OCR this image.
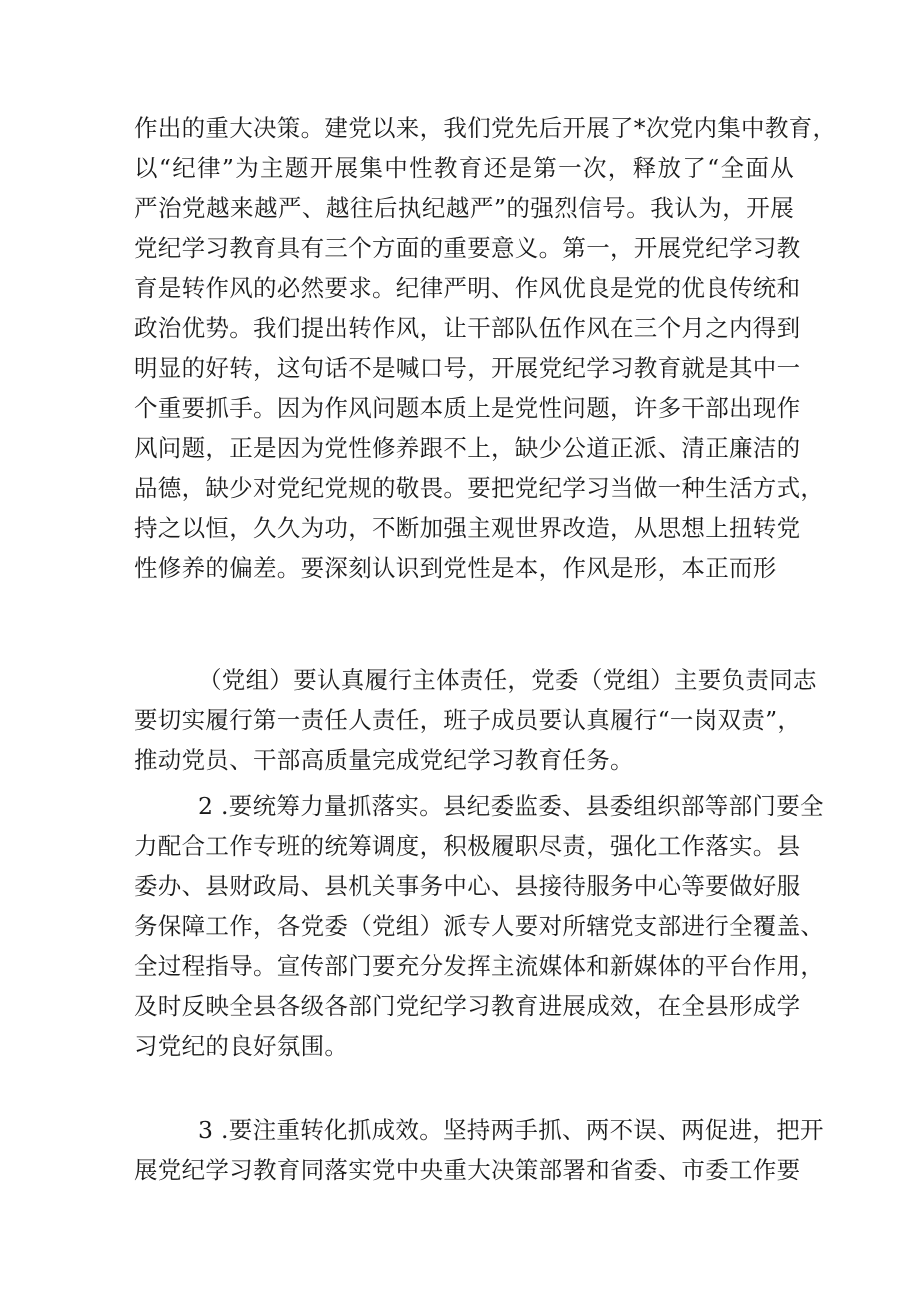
作出的重大决策。建党以来，我们党先后开展了*次党内集中教育，
以“纪律”为主题开展集中性教育还是第一次，释放了“全面从
严治党越来越严、越往后执纪越严”的强烈信号。我认为，开展
党纪学习教育具有三个方面的重要意义。第一，开展党纪学习教
育是转作风的必然要求。纪律严明、作风优良是党的优良传统和
政治优势。我们提出转作风，让干部队伍作风在三个月之内得到
明显的好转，这句话不是喊口号，开展党纪学习教育就是其中一
个重要抓手。因为作风问题本质上是党性问题，许多干部出现作
风问题，正是因为党性修养跟不上，缺少公道正派、清正廉洁的
品德，缺少对党纪党规的敬畏。要把党纪学习当做一种生活方式，
持之以恒，久久为功，不断加强主观世界改造，从思想上扭转党
性修养的偏差。要深刻认识到党性是本，作风是形，本正而形
（党组）要认真履行主体责任，党委（党组）主要负责同志
要切实履行第一责任人责任，班子成员要认真履行“一岗双责”，
推动党员、干部高质量完成党纪学习教育任务。
2 .要统筹力量抓落实。县纪委监委、县委组织部等部门要全
力配合工作专班的统筹调度，积极履职尽责，强化工作落实。县
委办、县财政局、县机关事务中心、县接待服务中心等要做好服
务保障工作，各党委（党组）派专人要对所辖党支部进行全覆盖、
全过程指导。宣传部门要充分发挥主流媒体和新媒体的平台作用，
及时反映全县各级各部门党纪学习教育进展成效，在全县形成学
习党纪的良好氛围。
3 .要注重转化抓成效。坚持两手抓、两不误、两促进，把开
展党纪学习教育同落实党中央重大决策部署和省委、市委工作要
